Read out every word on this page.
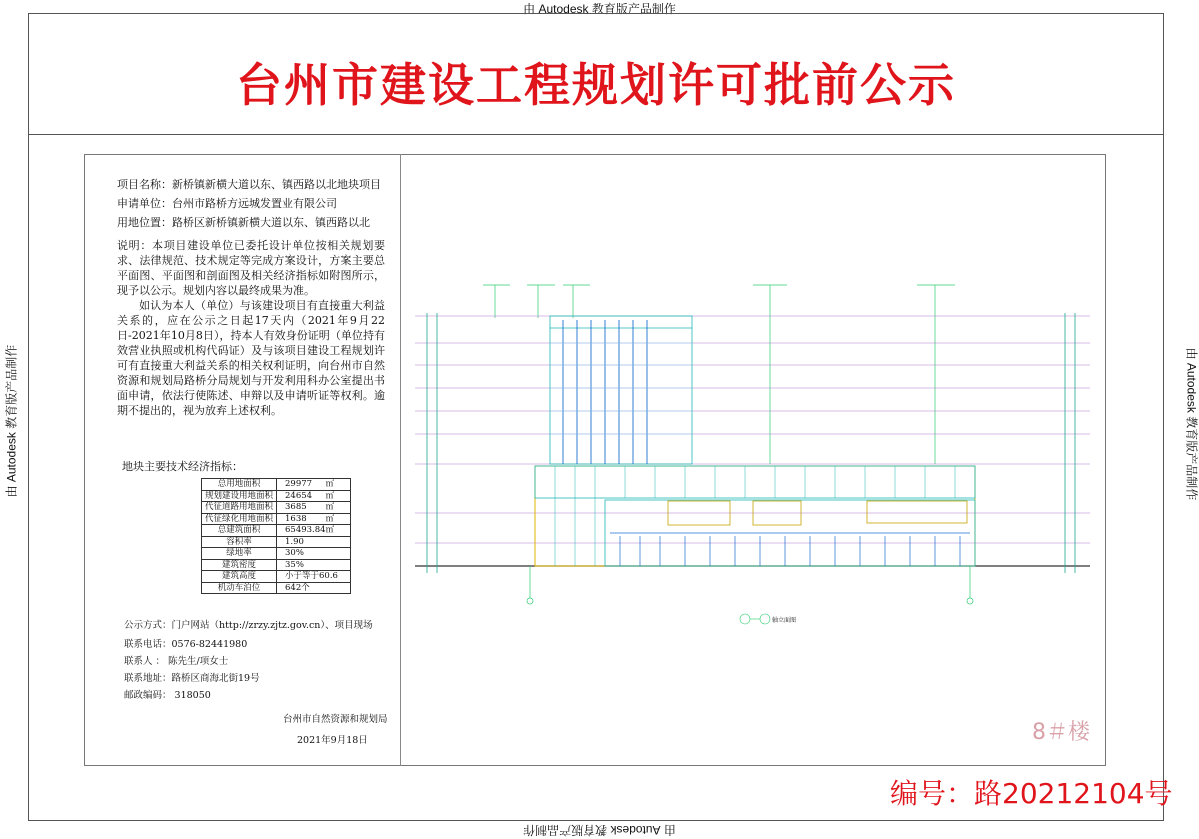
由 Autodesk 教育版产品制作
由 Autodesk 教育版产品制作
由 Autodesk 教育版产品制作	由 Autodesk 教育版产品制作
台州市建设工程规划许可批前公示
项目名称：新桥镇新横大道以东、镇西路以北地块项目
申请单位：台州市路桥方远城发置业有限公司
用地位置：路桥区新桥镇新横大道以东、镇西路以北

说明：本项目建设单位已委托设计单位按相关规划要求、法律规范、技术规定等完成方案设计，方案主要总平面图、平面图和剖面图及相关经济指标如附图所示，现予以公示。规划内容以最终成果为准。

如认为本人（单位）与该建设项目有直接重大利益关系的，应在公示之日起17天内（2021年9月22日-2021年10月8日），持本人有效身份证明（单位持有效营业执照或机构代码证）及与该项目建设工程规划许可有直接重大利益关系的相关权利证明，向台州市自然资源和规划局路桥分局规划与开发利用科办公室提出书面申请，依法行使陈述、申辩以及申请听证等权利。逾期不提出的，视为放弃上述权利。

地块主要技术经济指标：
总用地面积	29977 ㎡
规划建设用地面积	24654 ㎡
代征道路用地面积	3685 ㎡
代征绿化用地面积	1638 ㎡
总建筑面积	65493.84㎡
容积率	1.90
绿地率	30%
建筑密度	35%
建筑高度	小于等于60.6
机动车泊位	642个
公示方式：门户网站（http://zrzy.zjtz.gov.cn）、项目现场
联系电话：0576-82441980
联系人 ： 陈先生/项女士
联系地址：路桥区商海北街19号
邮政编码： 318050
台州市自然资源和规划局
2021年9月18日
轴立面图
8＃楼
编号：路20212104号
